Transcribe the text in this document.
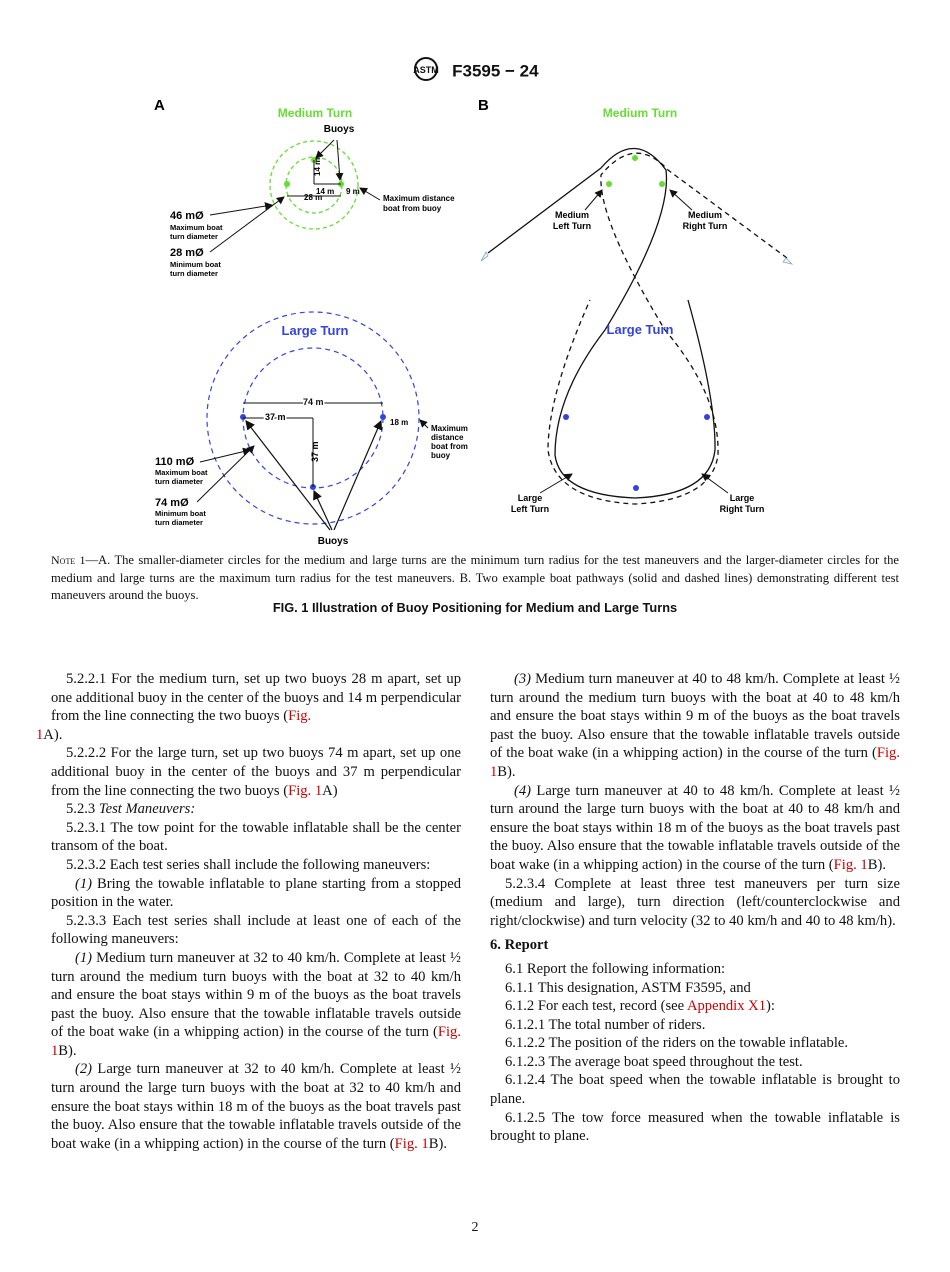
ASTM F3595 − 24
A	Medium Turn
Buoys
14 m
28 m
14 m 9 m
Maximum distance
boat from buoy
46 mØ
Maximum boat
turn diameter
28 mØ
Minimum boat
turn diameter
Large Turn
74 m
37 m
37 m
18 m
Maximum
distance
boat from
buoy
110 mØ
Maximum boat
turn diameter
74 mØ
Minimum boat
turn diameter
Buoys
B	Medium Turn
Medium
Left Turn
Medium
Right Turn
Large Turn
Large
Left Turn
Large
Right Turn
Note 1—A. The smaller-diameter circles for the medium and large turns are the minimum turn radius for the test maneuvers and the larger-diameter circles for the medium and large turns are the maximum turn radius for the test maneuvers. B. Two example boat pathways (solid and dashed lines) demonstrating different test maneuvers around the buoys.
FIG. 1 Illustration of Buoy Positioning for Medium and Large Turns

5.2.2.1 For the medium turn, set up two buoys 28 m apart, set up one additional buoy in the center of the buoys and 14 m perpendicular from the line connecting the two buoys (Fig.
1A).

5.2.2.2 For the large turn, set up two buoys 74 m apart, set up one additional buoy in the center of the buoys and 37 m perpendicular from the line connecting the two buoys (Fig. 1A)

5.2.3 Test Maneuvers:

5.2.3.1 The tow point for the towable inflatable shall be the center transom of the boat.

5.2.3.2 Each test series shall include the following maneuvers:

(1) Bring the towable inflatable to plane starting from a stopped position in the water.

5.2.3.3 Each test series shall include at least one of each of the following maneuvers:

(1) Medium turn maneuver at 32 to 40 km/h. Complete at least ½ turn around the medium turn buoys with the boat at 32 to 40 km/h and ensure the boat stays within 9 m of the buoys as the boat travels past the buoy. Also ensure that the towable inflatable travels outside of the boat wake (in a whipping action) in the course of the turn (Fig. 1B).

(2) Large turn maneuver at 32 to 40 km/h. Complete at least ½ turn around the large turn buoys with the boat at 32 to 40 km/h and ensure the boat stays within 18 m of the buoys as the boat travels past the buoy. Also ensure that the towable inflatable travels outside of the boat wake (in a whipping action) in the course of the turn (Fig. 1B).

(3) Medium turn maneuver at 40 to 48 km/h. Complete at least ½ turn around the medium turn buoys with the boat at 40 to 48 km/h and ensure the boat stays within 9 m of the buoys as the boat travels past the buoy. Also ensure that the towable inflatable travels outside of the boat wake (in a whipping action) in the course of the turn (Fig. 1B).

(4) Large turn maneuver at 40 to 48 km/h. Complete at least ½ turn around the large turn buoys with the boat at 40 to 48 km/h and ensure the boat stays within 18 m of the buoys as the boat travels past the buoy. Also ensure that the towable inflatable travels outside of the boat wake (in a whipping action) in the course of the turn (Fig. 1B).

5.2.3.4 Complete at least three test maneuvers per turn size (medium and large), turn direction (left/counterclockwise and right/clockwise) and turn velocity (32 to 40 km/h and 40 to 48 km/h).

6. Report

6.1 Report the following information:

6.1.1 This designation, ASTM F3595, and

6.1.2 For each test, record (see Appendix X1):

6.1.2.1 The total number of riders.

6.1.2.2 The position of the riders on the towable inflatable.

6.1.2.3 The average boat speed throughout the test.

6.1.2.4 The boat speed when the towable inflatable is brought to plane.

6.1.2.5 The tow force measured when the towable inflatable is brought to plane.

2
